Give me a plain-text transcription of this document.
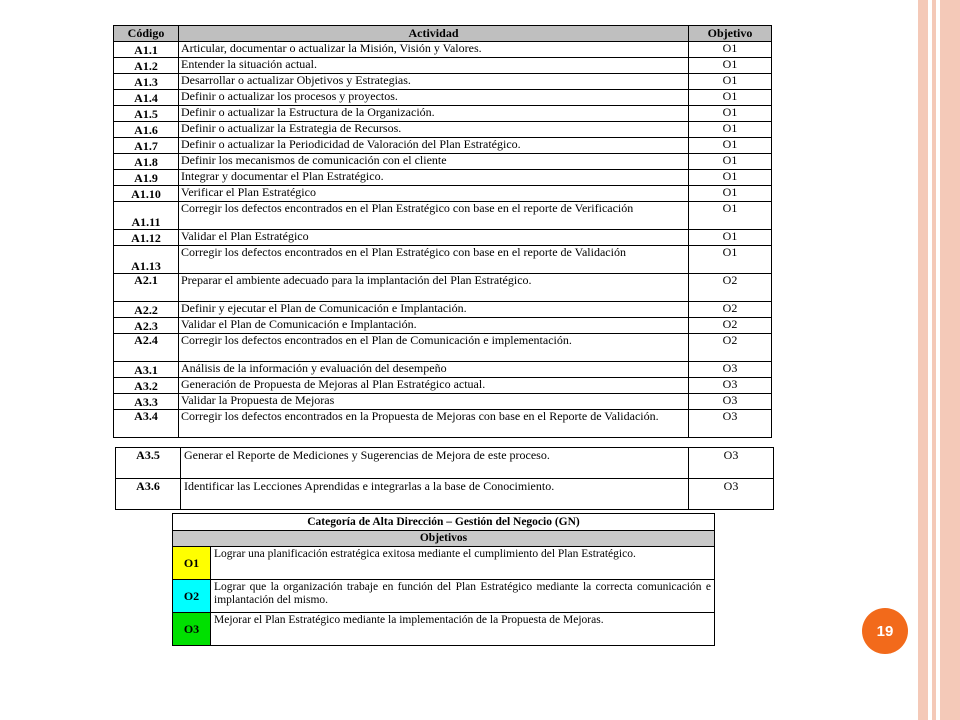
Código	Actividad	Objetivo
A1.1	Articular, documentar o actualizar la Misión, Visión y Valores.	O1
A1.2	Entender la situación actual.	O1
A1.3	Desarrollar o actualizar Objetivos y Estrategias.	O1
A1.4	Definir o actualizar los procesos y proyectos.	O1
A1.5	Definir o actualizar la Estructura de la Organización.	O1
A1.6	Definir o actualizar la Estrategia de Recursos.	O1
A1.7	Definir o actualizar la Periodicidad de Valoración del Plan Estratégico.	O1
A1.8	Definir los mecanismos de comunicación con el cliente	O1
A1.9	Integrar y documentar el Plan Estratégico.	O1
A1.10	Verificar el Plan Estratégico	O1
A1.11	Corregir los defectos encontrados en el Plan Estratégico con base en el reporte de Verificación	O1
A1.12	Validar el Plan Estratégico	O1
A1.13	Corregir los defectos encontrados en el Plan Estratégico con base en el reporte de Validación	O1
A2.1	Preparar el ambiente adecuado para la implantación del Plan Estratégico.	O2
A2.2	Definir y ejecutar el Plan de Comunicación e Implantación.	O2
A2.3	Validar el Plan de Comunicación e Implantación.	O2
A2.4	Corregir los defectos encontrados en el Plan de Comunicación e implementación.	O2
A3.1	Análisis de la información y evaluación del desempeño	O3
A3.2	Generación de Propuesta de Mejoras al Plan Estratégico actual.	O3
A3.3	Validar la Propuesta de Mejoras	O3
A3.4	Corregir los defectos encontrados en la Propuesta de Mejoras con base en el Reporte de Validación.	O3
A3.5	Generar el Reporte de Mediciones y Sugerencias de Mejora de este proceso.	O3
A3.6	Identificar las Lecciones Aprendidas e integrarlas a la base de Conocimiento.	O3
Categoría de Alta Dirección – Gestión del Negocio (GN)	
Objetivos	
O1	Lograr una planificación estratégica exitosa mediante el cumplimiento del Plan Estratégico.
O2	Lograr que la organización trabaje en función del Plan Estratégico mediante la correcta comunicación e implantación del mismo.
O3	Mejorar el Plan Estratégico mediante la implementación de la Propuesta de Mejoras.
19
